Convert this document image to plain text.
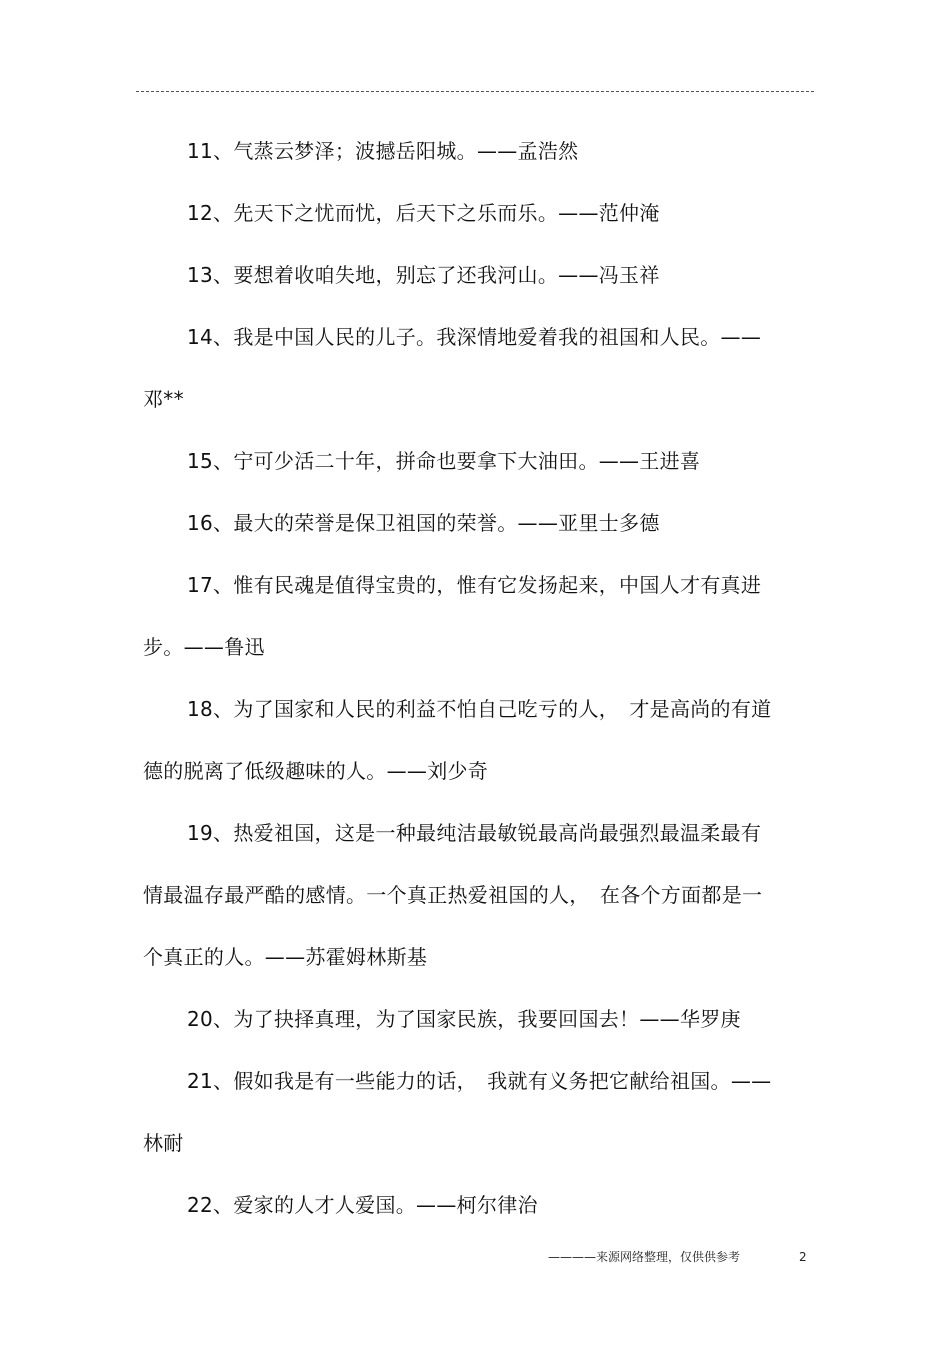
11、气蒸云梦泽；波撼岳阳城。——孟浩然
12、先天下之忧而忧，后天下之乐而乐。——范仲淹
13、要想着收咱失地，别忘了还我河山。——冯玉祥
14、我是中国人民的儿子。我深情地爱着我的祖国和人民。——
邓**
15、宁可少活二十年，拼命也要拿下大油田。——王进喜
16、最大的荣誉是保卫祖国的荣誉。——亚里士多德
17、惟有民魂是值得宝贵的，惟有它发扬起来，中国人才有真进
步。——鲁迅
18、为了国家和人民的利益不怕自己吃亏的人，　才是高尚的有道
德的脱离了低级趣味的人。——刘少奇
19、热爱祖国，这是一种最纯洁最敏锐最高尚最强烈最温柔最有
情最温存最严酷的感情。一个真正热爱祖国的人，　在各个方面都是一
个真正的人。——苏霍姆林斯基
20、为了抉择真理，为了国家民族，我要回国去！——华罗庚
21、假如我是有一些能力的话，　我就有义务把它献给祖国。——
林耐
22、爱家的人才人爱国。——柯尔律治
————来源网络整理，仅供供参考	2
